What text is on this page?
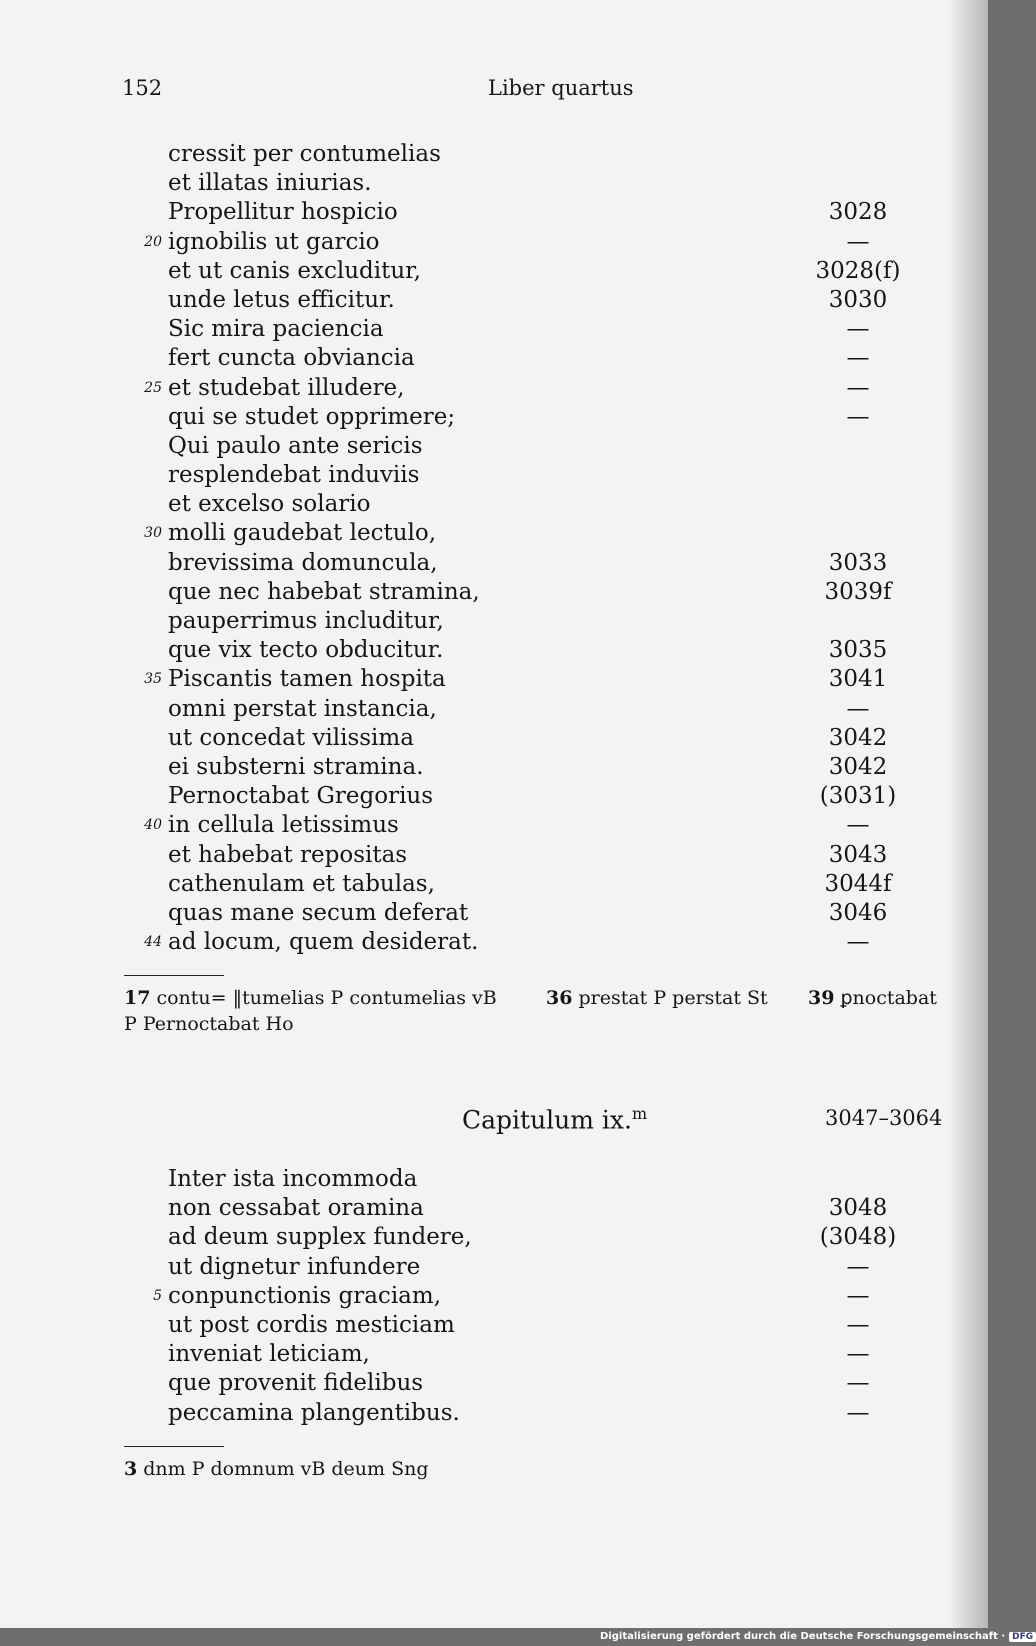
152	Liber quartus
cressit per contumelias
et illatas iniurias.
Propellitur hospicio	3028
20 ignobilis ut garcio	—
et ut canis excluditur,	3028(f)
unde letus efficitur.	3030
Sic mira paciencia	—
fert cuncta obviancia	—
25 et studebat illudere,	—
qui se studet opprimere;	—
Qui paulo ante sericis
resplendebat induviis
et excelso solario
30 molli gaudebat lectulo,
brevissima domuncula,	3033
que nec habebat stramina,	3039f
pauperrimus includitur,
que vix tecto obducitur.	3035
35 Piscantis tamen hospita	3041
omni perstat instancia,	—
ut concedat vilissima	3042
ei substerni stramina.	3042
Pernoctabat Gregorius	(3031)
40 in cellula letissimus	—
et habebat repositas	3043
cathenulam et tabulas,	3044f
quas mane secum deferat	3046
44 ad locum, quem desiderat.	—
17 contu= ‖tumelias P contumelias vB	36 prestat P perstat St 39 ꝑnoctabat
P Pernoctabat Ho
Capitulum ix.$^m$	3047–3064
Inter ista incommoda
non cessabat oramina	3048
ad deum supplex fundere,	(3048)
ut dignetur infundere	—
5 conpunctionis graciam,	—
ut post cordis mesticiam	—
inveniat leticiam,	—
que provenit fidelibus	—
peccamina plangentibus.	—
3 dnm P domnum vB deum Sng
Digitalisierung gefördert durch die Deutsche Forschungsgemeinschaft · DFG
